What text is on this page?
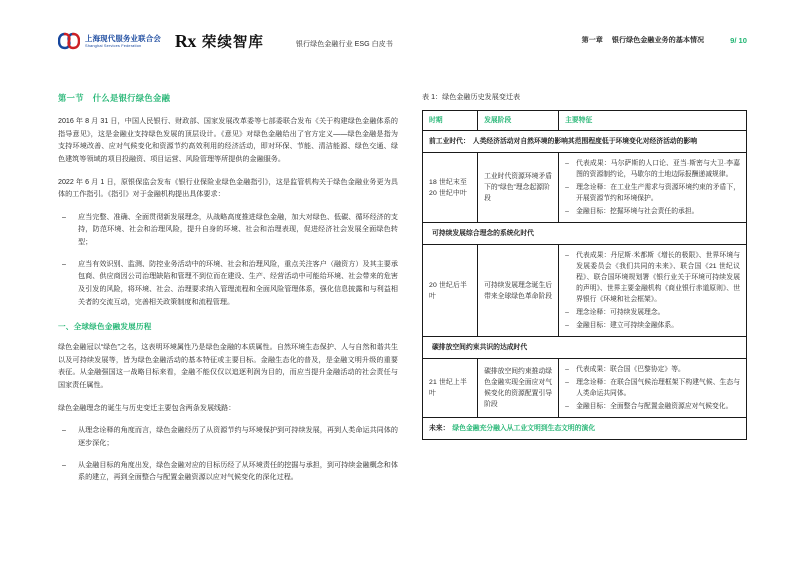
上海现代服务业联合会
Shanghai Services Federation	Rx 荣续智库	银行绿色金融行业 ESG 白皮书	第一章 银行绿色金融业务的基本情况	9/ 10
第一节 什么是银行绿色金融

2016 年 8 月 31 日，中国人民银行、财政部、国家发展改革委等七部委联合发布《关于构建绿色金融体系的指导意见》，这是金融业支持绿色发展的顶层设计。《意见》对绿色金融给出了官方定义——绿色金融是指为支持环境改善、应对气候变化和资源节约高效利用的经济活动，即对环保、节能、清洁能源、绿色交通、绿色建筑等领域的项目投融资、项目运营、风险管理等所提供的金融服务。

2022 年 6 月 1 日，原银保监会发布《银行业保险业绿色金融指引》，这是监管机构关于绿色金融业务更为具体的工作指引。《指引》对于金融机构提出具体要求：

– 应当完整、准确、全面贯彻新发展理念，从战略高度推进绿色金融，加大对绿色、低碳、循环经济的支持，防范环境、社会和治理风险，提升自身的环境、社会和治理表现，促进经济社会发展全面绿色转型；
– 应当有效识别、监测、防控业务活动中的环境、社会和治理风险，重点关注客户（融资方）及其主要承包商、供应商因公司治理缺陷和管理不到位而在建设、生产、经营活动中可能给环境、社会带来的危害及引发的风险，将环境、社会、治理要求纳入管理流程和全面风险管理体系，强化信息披露和与利益相关者的交流互动，完善相关政策制度和流程管理。
一、全球绿色金融发展历程

绿色金融冠以“绿色”之名，这表明环境属性乃是绿色金融的本质属性。自然环境生态保护、人与自然和谐共生以及可持续发展等，皆为绿色金融活动的基本特征或主要目标。金融生态化的普及，是金融文明升级的重要表征。从金融强国这一战略目标来看，金融不能仅仅以追逐利润为目的，而应当提升金融活动的社会责任与国家责任属性。

绿色金融理念的诞生与历史变迁主要包含两条发展线路：

– 从理念诠释的角度而言，绿色金融经历了从资源节约与环境保护到可持续发展，再到人类命运共同体的逐步深化；
– 从金融目标的角度出发，绿色金融对应的目标历经了从环境责任的挖掘与承担，到可持续金融概念和体系的建立，再到全面整合与配置金融资源以应对气候变化的深化过程。
表 1：绿色金融历史发展变迁表
时期	发展阶段	主要特征
前工业时代： 人类经济活动对自然环境的影响其范围程度低于环境变化对经济活动的影响		
18 世纪末至 20 世纪中叶	工业时代资源环境矛盾下的“绿色”理念起源阶段	
– 代表成果：马尔萨斯的人口论、亚当·斯密与大卫·李嘉图的资源制约论，马歇尔的土地边际报酬递减规律。
– 理念诠释：在工业生产需求与资源环境约束的矛盾下，开展资源节约和环境保护。
– 金融目标：挖掘环境与社会责任的承担。

可持续发展综合理念的系统化时代		
20 世纪后半叶	可持续发展理念诞生后带来全球绿色革命阶段	
– 代表成果：丹尼斯·米都斯《增长的极限》、世界环境与发展委员会《我们共同的未来》、联合国《21 世纪议程》、联合国环境规划署《银行业关于环境可持续发展的声明》、世界主要金融机构《商业银行赤道原则》、世界银行《环境和社会框架》。
– 理念诠释：可持续发展理念。
– 金融目标：建立可持续金融体系。

碳排放空间约束共识的达成时代		
21 世纪上半叶	碳排放空间约束推动绿色金融实现全面应对气候变化的资源配置引导阶段	
– 代表成果：联合国《巴黎协定》等。
– 理念诠释：在联合国气候治理框架下构建气候、生态与人类命运共同体。
– 金融目标：全面整合与配置金融资源应对气候变化。

未来： 绿色金融充分融入从工业文明到生态文明的演化		
